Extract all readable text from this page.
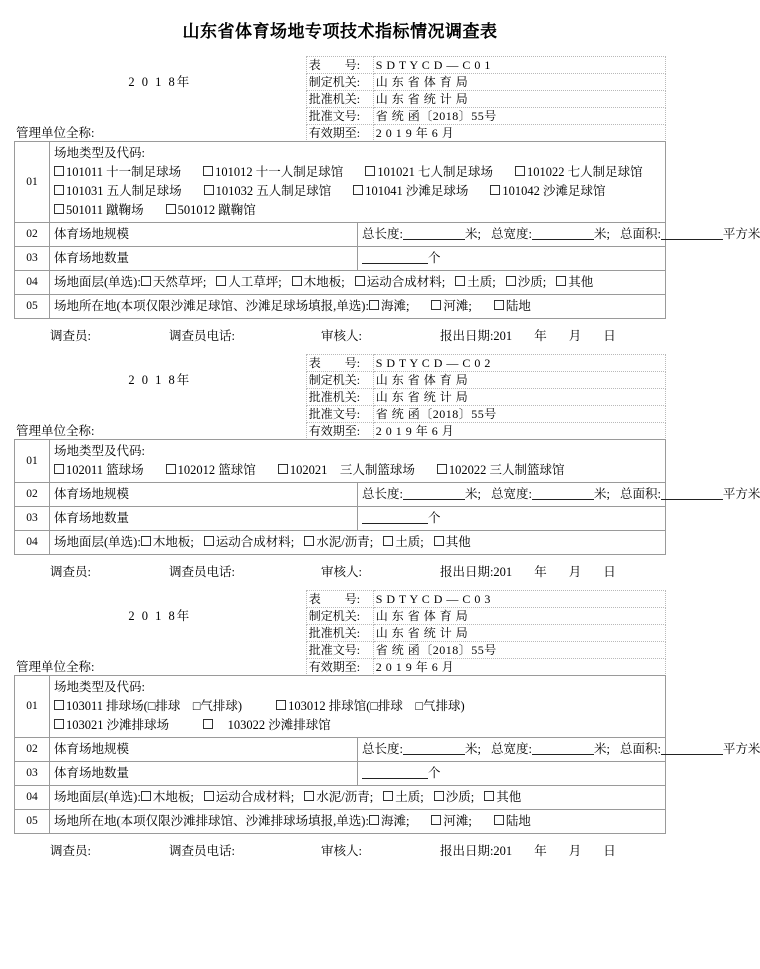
山东省体育场地专项技术指标情况调查表
	表　　号:	S D T Y C D — C 0 1
2 0 1 8年	制定机关:	山 东 省 体 育 局
	批准机关:	山 东 省 统 计 局
	批准文号:	省 统 函〔2018〕55号
管理单位全称:	有效期至:	2 0 1 9 年 6 月
01	场地类型及代码:
101011 十一制足球场 101012 十一人制足球馆 101021 七人制足球场 101022 七人制足球馆
101031 五人制足球场 101032 五人制足球馆 101041 沙滩足球场 101042 沙滩足球馆
501011 蹴鞠场 501012 蹴鞠馆	

02	体育场地规模	总长度: 米; 总宽度: 米; 总面积: 平方米
03	体育场地数量	个
04	场地面层(单选): 天然草坪; 人工草坪; 木地板; 运动合成材料; 土质; 沙质; 其他	
05	场地所在地(本项仅限沙滩足球馆、沙滩足球场填报,单选): 海滩; 河滩; 陆地	
调查员:	调查员电话:	审核人:	报出日期:201 年 月 日
	表　　号:	S D T Y C D — C 0 2
2 0 1 8年	制定机关:	山 东 省 体 育 局
	批准机关:	山 东 省 统 计 局
	批准文号:	省 统 函〔2018〕55号
管理单位全称:	有效期至:	2 0 1 9 年 6 月
01	场地类型及代码:
102011 篮球场 102012 篮球馆 102021　三人制篮球场 102022 三人制篮球馆	

02	体育场地规模	总长度: 米; 总宽度: 米; 总面积: 平方米
03	体育场地数量	个
04	场地面层(单选): 木地板; 运动合成材料; 水泥/沥青; 土质; 其他	
调查员:	调查员电话:	审核人:	报出日期:201 年 月 日
	表　　号:	S D T Y C D — C 0 3
2 0 1 8年	制定机关:	山 东 省 体 育 局
	批准机关:	山 东 省 统 计 局
	批准文号:	省 统 函〔2018〕55号
管理单位全称:	有效期至:	2 0 1 9 年 6 月
01	场地类型及代码:
103011 排球场(□排球　□气排球) 103012 排球馆(□排球　□气排球)
103021 沙滩排球场 　103022 沙滩排球馆	

02	体育场地规模	总长度: 米; 总宽度: 米; 总面积: 平方米
03	体育场地数量	个
04	场地面层(单选): 木地板; 运动合成材料; 水泥/沥青; 土质; 沙质; 其他	
05	场地所在地(本项仅限沙滩排球馆、沙滩排球场填报,单选): 海滩; 河滩; 陆地	
调查员:	调查员电话:	审核人:	报出日期:201 年 月 日
